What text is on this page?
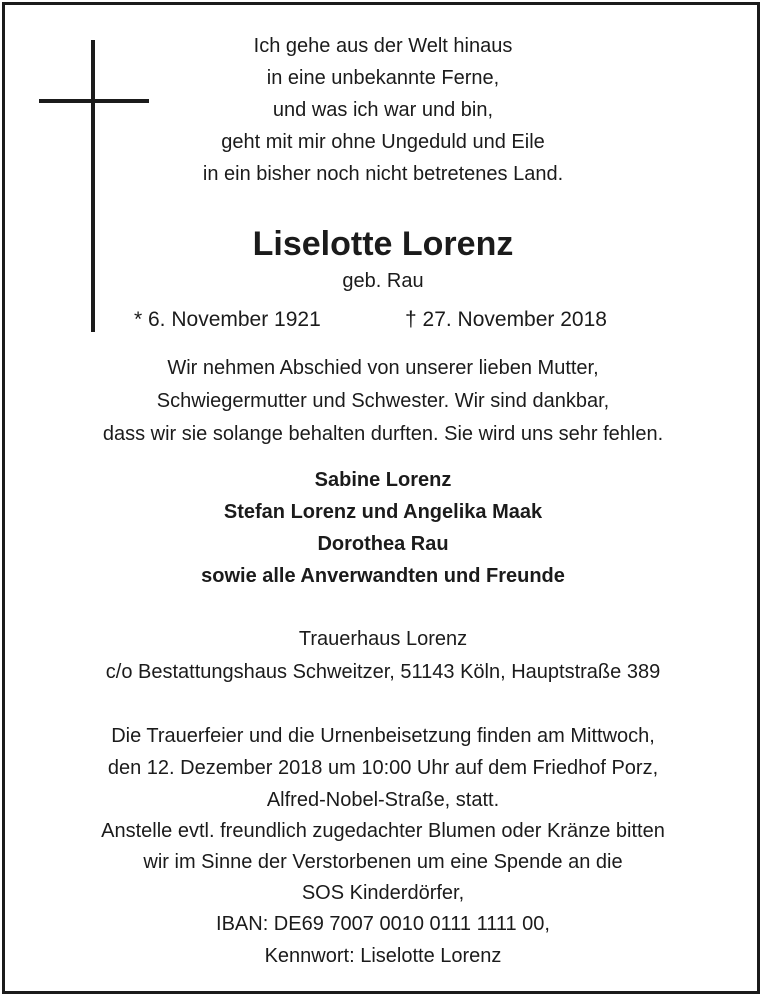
Ich gehe aus der Welt hinaus
in eine unbekannte Ferne,
und was ich war und bin,
geht mit mir ohne Ungeduld und Eile
in ein bisher noch nicht betretenes Land.
Liselotte Lorenz
geb. Rau
* 6. November 1921	† 27. November 2018
Wir nehmen Abschied von unserer lieben Mutter,
Schwiegermutter und Schwester. Wir sind dankbar,
dass wir sie solange behalten durften. Sie wird uns sehr fehlen.
Sabine Lorenz
Stefan Lorenz und Angelika Maak
Dorothea Rau
sowie alle Anverwandten und Freunde
Trauerhaus Lorenz
c/o Bestattungshaus Schweitzer, 51143 Köln, Hauptstraße 389
Die Trauerfeier und die Urnenbeisetzung finden am Mittwoch,
den 12. Dezember 2018 um 10:00 Uhr auf dem Friedhof Porz,
Alfred-Nobel-Straße, statt.
Anstelle evtl. freundlich zugedachter Blumen oder Kränze bitten
wir im Sinne der Verstorbenen um eine Spende an die
SOS Kinderdörfer,
IBAN: DE69 7007 0010 0111 1111 00,
Kennwort: Liselotte Lorenz
